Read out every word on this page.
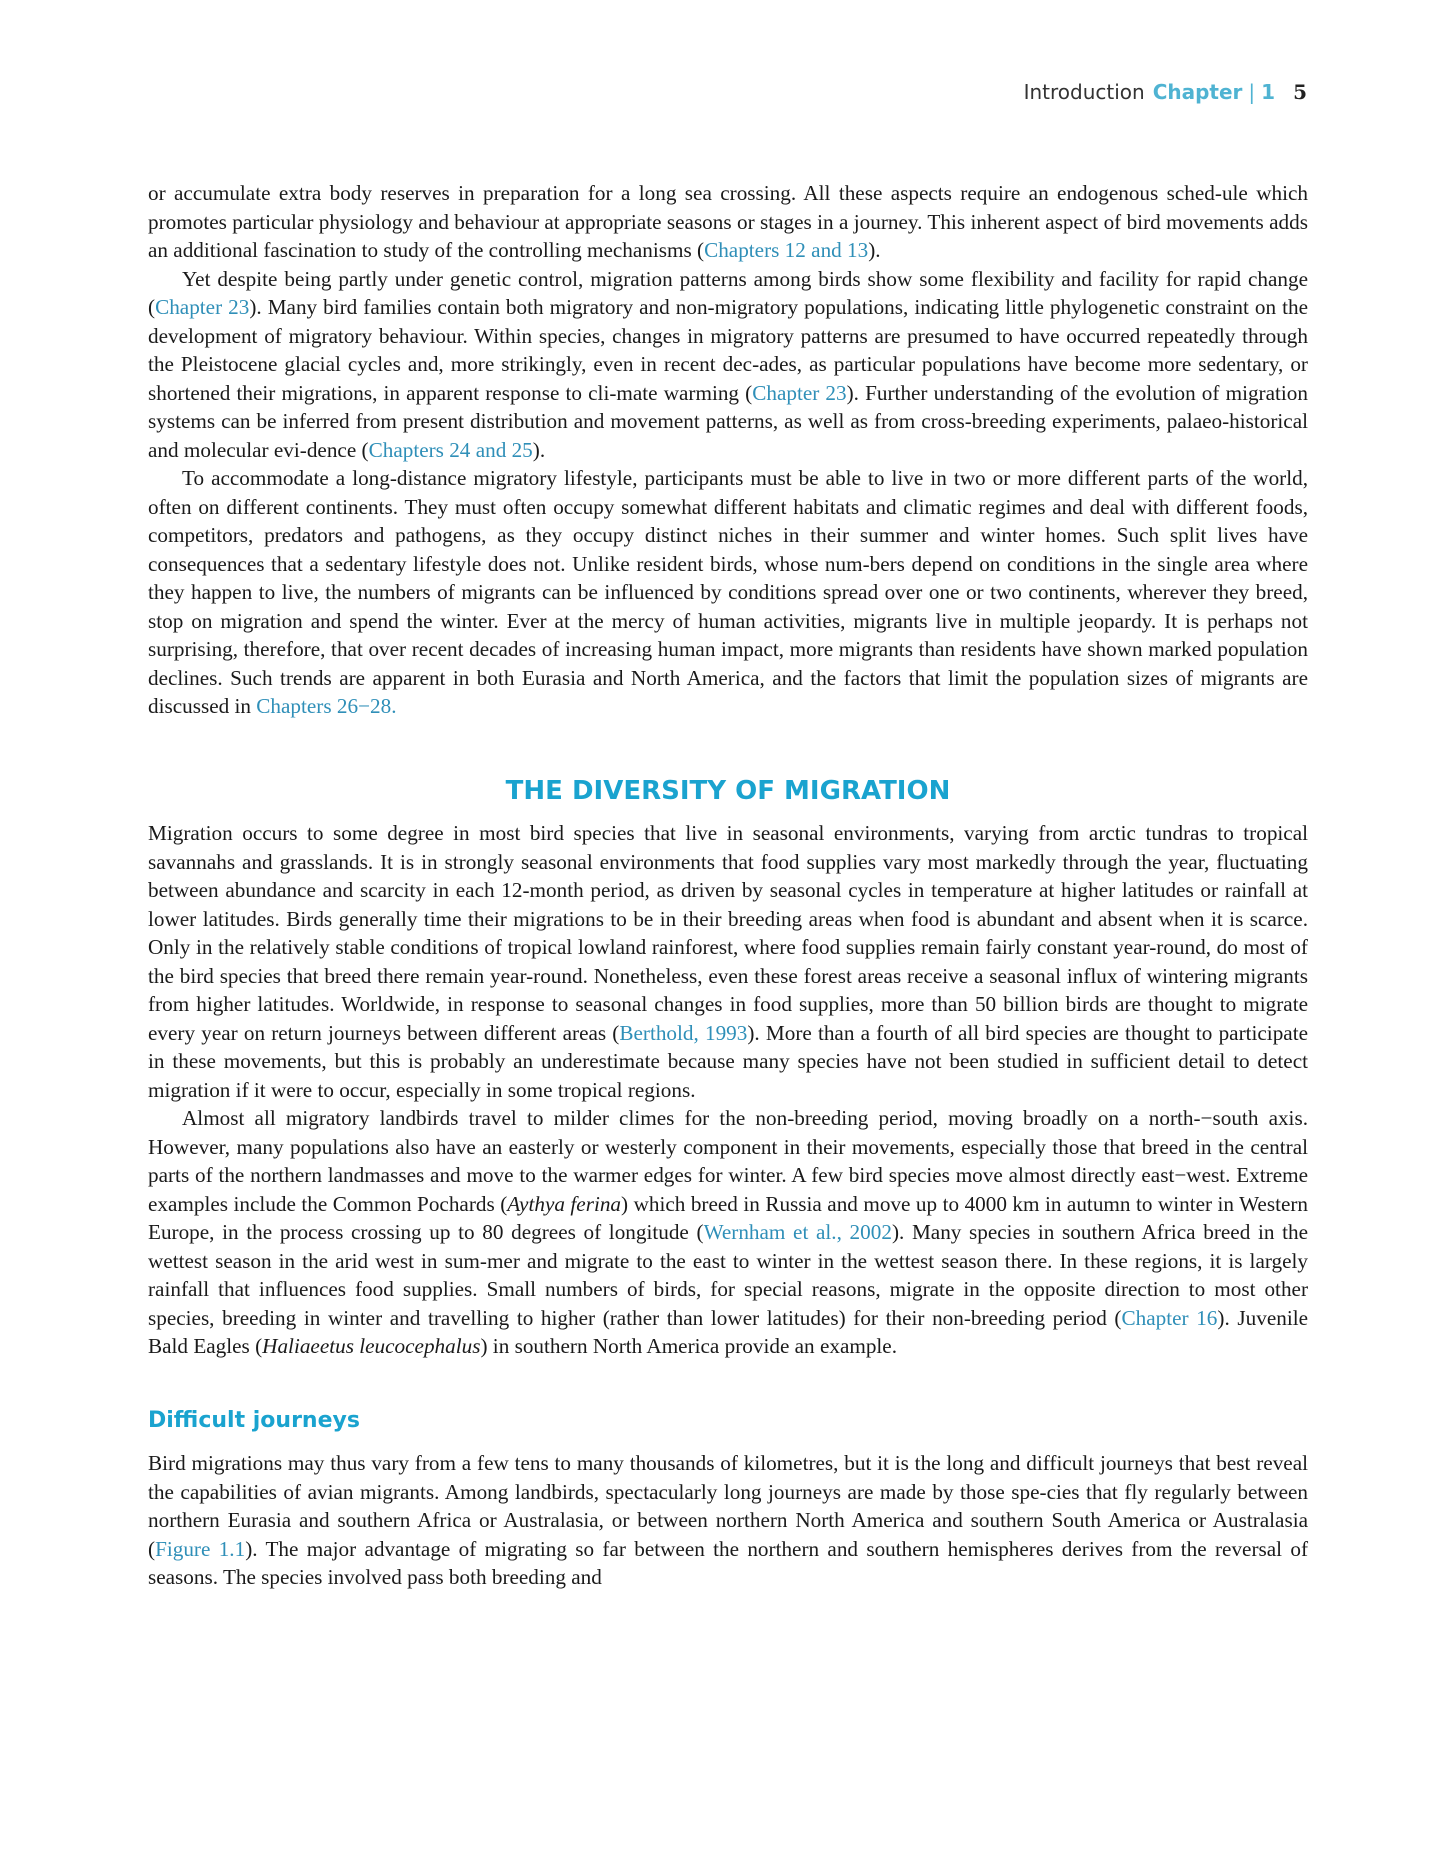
Introduction Chapter | 1 5

or accumulate extra body reserves in preparation for a long sea crossing. All these aspects require an endogenous sched-ule which promotes particular physiology and behaviour at appropriate seasons or stages in a journey. This inherent aspect of bird movements adds an additional fascination to study of the controlling mechanisms (Chapters 12 and 13).

Yet despite being partly under genetic control, migration patterns among birds show some flexibility and facility for rapid change (Chapter 23). Many bird families contain both migratory and non-migratory populations, indicating little phylogenetic constraint on the development of migratory behaviour. Within species, changes in migratory patterns are presumed to have occurred repeatedly through the Pleistocene glacial cycles and, more strikingly, even in recent dec-ades, as particular populations have become more sedentary, or shortened their migrations, in apparent response to cli-mate warming (Chapter 23). Further understanding of the evolution of migration systems can be inferred from present distribution and movement patterns, as well as from cross-breeding experiments, palaeo-historical and molecular evi-dence (Chapters 24 and 25).

To accommodate a long-distance migratory lifestyle, participants must be able to live in two or more different parts of the world, often on different continents. They must often occupy somewhat different habitats and climatic regimes and deal with different foods, competitors, predators and pathogens, as they occupy distinct niches in their summer and winter homes. Such split lives have consequences that a sedentary lifestyle does not. Unlike resident birds, whose num-bers depend on conditions in the single area where they happen to live, the numbers of migrants can be influenced by conditions spread over one or two continents, wherever they breed, stop on migration and spend the winter. Ever at the mercy of human activities, migrants live in multiple jeopardy. It is perhaps not surprising, therefore, that over recent decades of increasing human impact, more migrants than residents have shown marked population declines. Such trends are apparent in both Eurasia and North America, and the factors that limit the population sizes of migrants are discussed in Chapters 26−28.

THE DIVERSITY OF MIGRATION

Migration occurs to some degree in most bird species that live in seasonal environments, varying from arctic tundras to tropical savannahs and grasslands. It is in strongly seasonal environments that food supplies vary most markedly through the year, fluctuating between abundance and scarcity in each 12-month period, as driven by seasonal cycles in temperature at higher latitudes or rainfall at lower latitudes. Birds generally time their migrations to be in their breeding areas when food is abundant and absent when it is scarce. Only in the relatively stable conditions of tropical lowland rainforest, where food supplies remain fairly constant year-round, do most of the bird species that breed there remain year-round. Nonetheless, even these forest areas receive a seasonal influx of wintering migrants from higher latitudes. Worldwide, in response to seasonal changes in food supplies, more than 50 billion birds are thought to migrate every year on return journeys between different areas (Berthold, 1993). More than a fourth of all bird species are thought to participate in these movements, but this is probably an underestimate because many species have not been studied in sufficient detail to detect migration if it were to occur, especially in some tropical regions.

Almost all migratory landbirds travel to milder climes for the non-breeding period, moving broadly on a north-−south axis. However, many populations also have an easterly or westerly component in their movements, especially those that breed in the central parts of the northern landmasses and move to the warmer edges for winter. A few bird species move almost directly east−west. Extreme examples include the Common Pochards (Aythya ferina) which breed in Russia and move up to 4000 km in autumn to winter in Western Europe, in the process crossing up to 80 degrees of longitude (Wernham et al., 2002). Many species in southern Africa breed in the wettest season in the arid west in sum-mer and migrate to the east to winter in the wettest season there. In these regions, it is largely rainfall that influences food supplies. Small numbers of birds, for special reasons, migrate in the opposite direction to most other species, breeding in winter and travelling to higher (rather than lower latitudes) for their non-breeding period (Chapter 16). Juvenile Bald Eagles (Haliaeetus leucocephalus) in southern North America provide an example.

Difficult journeys

Bird migrations may thus vary from a few tens to many thousands of kilometres, but it is the long and difficult journeys that best reveal the capabilities of avian migrants. Among landbirds, spectacularly long journeys are made by those spe-cies that fly regularly between northern Eurasia and southern Africa or Australasia, or between northern North America and southern South America or Australasia (Figure 1.1). The major advantage of migrating so far between the northern and southern hemispheres derives from the reversal of seasons. The species involved pass both breeding and
